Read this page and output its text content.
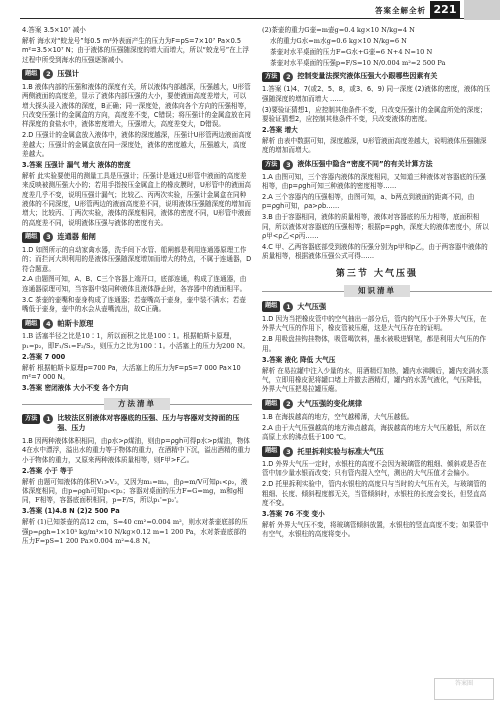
答案全解全析 221

4.答案 3.5×10⁷ 减小

解析 海水对“蛟龙号”每0.5 m²外表面产生的压力为F=pS=7×10⁷ Pa×0.5 m²=3.5×10⁷ N；由于液体的压强随深度的增大而增大，所以“蛟龙号”在上浮过程中所受到海水的压强逐渐减小。

题组	2 压强计

1.B 液体内部的压强和液体的深度有关，所以液体内部越深，压强越大，U形管两侧液面的高度差，显示了液体内部压强的大小，要使液面高度差增大，可以增大探头浸入液体的深度，B正确；同一深度处，液体向各个方向的压强相等，只改变压强计的金属盒的方向，高度差不变，C错误；将压强计的金属盒放在同样深度的食盐水中，液体密度增大，压强增大，高度差变大，D错误。

2.D 压强计的金属盒放入液体中，液体的深度越深，压强计U形管两边液面高度差越大；压强计的金属盒放在同一深度处，液体的密度越大，压强越大，高度差越大。

3.答案 压强计 漏气 增大 液体的密度

解析 此实验要使用的测量工具是压强计；压强计是通过U形管中液面的高度差来反映被测压强大小的；若用手指按压金属盒上的橡皮膜时，U形管中的液面高度差几乎不变，说明压强计漏气；比较乙、丙两次实验，压强计金属盒在同种液体的不同深度，U形管两边的液面高度差不同，说明液体压强随深度的增加而增大；比较丙、丁两次实验，液体的深度相同，液体的密度不同，U形管中液面的高度差不同，说明液体压强与液体的密度有关。

题组	3 连通器 船闸

1.D 如图所示的自动家禽水器，洗手间下水管、船闸都是利用连通器原理工作的；而拦河大坝利用的是液体压强随深度增加而增大的特点，不属于连通器，D符合题意。

2.A 由题图可知，A、B、C三个容器上端开口，底部连通，构成了连通器，由连通器原理可知，当容器中装同种液体且液体静止时，各容器中的液面相平。

3.C 茶壶的壶嘴和壶身构成了连通器；若壶嘴高于壶身，壶中装不满水；若壶嘴低于壶身，壶中的水会从壶嘴流出，故C正确。

题组	4 帕斯卡原理

1.B 活塞半径之比是10∶1，所以面积之比是100∶1。根据帕斯卡原理，p₁=p₂，即F₁/S₁=F₂/S₂，则压力之比为100∶1。小活塞上的压力为200 N。

2.答案 7 000

解析 根据帕斯卡原理p=700 Pa，大活塞上的压力为F=pS=7 000 Pa×10 m²=7 000 N。

3.答案 密闭液体 大小不变 各个方向

方法清单
方法	1 比较法区别液体对容器底的压强、压力与容器对支持面的压强、压力

1.B 因两种液体体积相同，由ρ水>ρ煤油，则由p=ρgh可得p水>p煤油，物体4在水中漂浮，溢出水的重力等于物体的重力，在酒精中下沉，溢出酒精的重力小于物体的重力，又原来两种液体质量相等，则F甲>F乙。

2.答案 小于 等于

解析 由题可知液体的体积V₁>V₂，又因为m₁=m₂，由ρ=m/V可知ρ₁<ρ₂，液体深度相同，由p=ρgh可知p₁<p₂；容器对桌面的压力F=G=mg，m和g相同，F相等，容器底面积相同，p=F/S，所以p₁'=p₂'。

3.答案 (1)4.8 N (2)2 500 Pa

解析 (1)已知茶壶的高12 cm，S=40 cm²=0.004 m²，则水对茶壶底部的压强p=ρgh=1×10³ kg/m³×10 N/kg×0.12 m=1 200 Pa，水对茶壶底部的压力F=pS=1 200 Pa×0.004 m²=4.8 N。

(2)茶壶的重力G壶=m壶g=0.4 kg×10 N/kg=4 N

水的重力G水=m水g=0.6 kg×10 N/kg=6 N

茶壶对水平桌面的压力F=G水+G壶=6 N+4 N=10 N

茶壶对水平桌面的压强p=F/S=10 N/0.004 m²=2 500 Pa

方法	2 控制变量法探究液体压强大小跟哪些因素有关

1.答案 (1)4、7(或2、5、8，或3、6、9) 同一深度 (2)液体的密度，液体的压强随深度的增加而增大 ……

(3)要验证猜想1，应控制其他条件不变，只改变压强计的金属盒所处的深度；要验证猜想2，应控制其他条件不变，只改变液体的密度。

2.答案 增大

解析 由表中数据可知，深度越深，U形管液面高度差越大，说明液体压强随深度的增加而增大。

方法	3 液体压强中隐含“密度不同”的有关计算方法

1.A 由图可知，三个容器内液体的深度相同，又知道三种液体对容器底的压强相等，由p=ρgh可知三种液体的密度相等……

2.A 三个容器内的压强相等，由图可知，a、b两点到液面的距离不同，由p=ρgh可知，ρa>ρb……

3.B 由于容器相同，液体的质量相等，液体对容器底的压力相等，底面积相同，所以液体对容器底的压强相等；根据p=ρgh，深度大的液体密度小，所以ρ甲<ρ乙<ρ丙……

4.C 甲、乙两容器底部受到液体的压强分别为p甲和p乙，由于两容器中液体的质量相等，根据液体压强公式可得……

第三节 大气压强
知识清单
题组	1 大气压强

1.D 因为当把橡皮管中的空气抽出一部分后，管内的气压小于外界大气压，在外界大气压的作用下，橡皮管被压瘪，这是大气压存在的证明。

2.B 用吸盘挂钩挂物体，吸管喝饮料，墨水被吸进钢笔，都是利用大气压的作用。

3.答案 液化 降低 大气压

解析 在易拉罐中注入少量的水，用酒精灯加热，罐内水沸腾后，罐内充满水蒸气，立即用橡皮泥将罐口堵上并撤去酒精灯，罐内的水蒸气液化，气压降低，外界大气压把易拉罐压瘪。

题组	2 大气压强的变化规律

1.B 在海拔越高的地方，空气越稀薄，大气压越低。

2.A 由于大气压强越高的地方沸点越高，海拔越高的地方大气压越低，所以在高原上水的沸点低于100 ℃。

题组	3 托里拆利实验与标准大气压

1.D 外界大气压一定时，水银柱的高度不会因为玻璃管的粗细、倾斜或是否在管中加少量水银而改变；只有管内混入空气，测出的大气压值才会偏小。

2.D 托里拆利实验中，管内水银柱的高度只与当时的大气压有关，与玻璃管的粗细、长度、倾斜程度都无关，当管倾斜时，水银柱的长度会变长，但竖直高度不变。

3.答案 76 不变 变小

解析 外界大气压不变，将玻璃管倾斜放置，水银柱的竖直高度不变；如果管中有空气，水银柱的高度将变小。

答案圈
